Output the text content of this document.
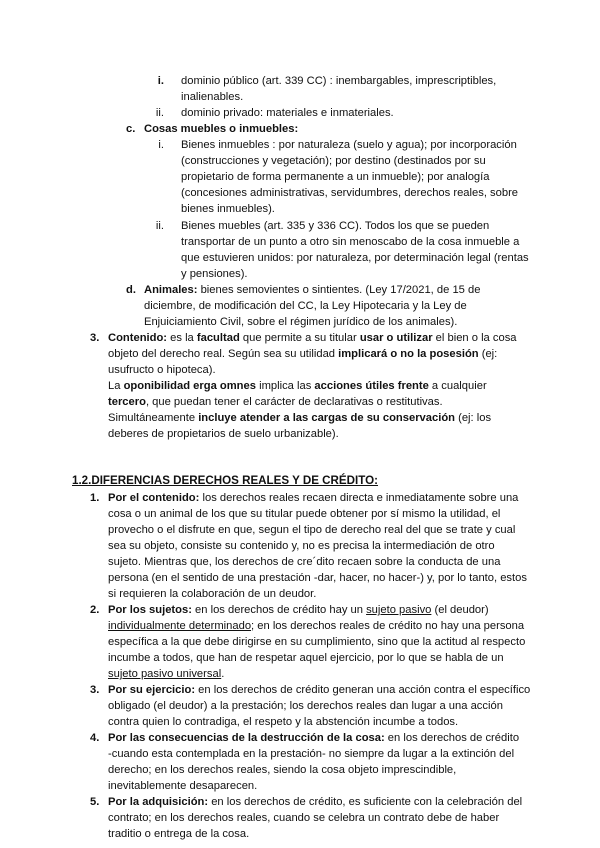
i. dominio público (art. 339 CC) : inembargables, imprescriptibles,
inalienables.
ii. dominio privado: materiales e inmateriales.
c. Cosas muebles o inmuebles:
i. Bienes inmuebles : por naturaleza (suelo y agua); por incorporación
(construcciones y vegetación); por destino (destinados por su
propietario de forma permanente a un inmueble); por analogía
(concesiones administrativas, servidumbres, derechos reales, sobre
bienes inmuebles).
ii. Bienes muebles (art. 335 y 336 CC). Todos los que se pueden
transportar de un punto a otro sin menoscabo de la cosa inmueble a
que estuvieren unidos: por naturaleza, por determinación legal (rentas
y pensiones).
d. Animales: bienes semovientes o sintientes. (Ley 17/2021, de 15 de
diciembre, de modificación del CC, la Ley Hipotecaria y la Ley de
Enjuiciamiento Civil, sobre el régimen jurídico de los animales).
3. Contenido: es la facultad que permite a su titular usar o utilizar el bien o la cosa
objeto del derecho real. Según sea su utilidad implicará o no la posesión (ej:
usufructo o hipoteca).
La oponibilidad erga omnes implica las acciones útiles frente a cualquier
tercero, que puedan tener el carácter de declarativas o restitutivas.
Simultáneamente incluye atender a las cargas de su conservación (ej: los
deberes de propietarios de suelo urbanizable).
1.2.DIFERENCIAS DERECHOS REALES Y DE CRÉDITO:
1. Por el contenido: los derechos reales recaen directa e inmediatamente sobre una
cosa o un animal de los que su titular puede obtener por sí mismo la utilidad, el
provecho o el disfrute en que, segun el tipo de derecho real del que se trate y cual
sea su objeto, consiste su contenido y, no es precisa la intermediación de otro
sujeto. Mientras que, los derechos de cre´dito recaen sobre la conducta de una
persona (en el sentido de una prestación -dar, hacer, no hacer-) y, por lo tanto, estos
si requieren la colaboración de un deudor.
2. Por los sujetos: en los derechos de crédito hay un sujeto pasivo (el deudor)
individualmente determinado; en los derechos reales de crédito no hay una persona
específica a la que debe dirigirse en su cumplimiento, sino que la actitud al respecto
incumbe a todos, que han de respetar aquel ejercicio, por lo que se habla de un
sujeto pasivo universal.
3. Por su ejercicio: en los derechos de crédito generan una acción contra el específico
obligado (el deudor) a la prestación; los derechos reales dan lugar a una acción
contra quien lo contradiga, el respeto y la abstención incumbe a todos.
4. Por las consecuencias de la destrucción de la cosa: en los derechos de crédito
-cuando esta contemplada en la prestación- no siempre da lugar a la extinción del
derecho; en los derechos reales, siendo la cosa objeto imprescindible,
inevitablemente desaparecen.
5. Por la adquisición: en los derechos de crédito, es suficiente con la celebración del
contrato; en los derechos reales, cuando se celebra un contrato debe de haber
traditio o entrega de la cosa.
